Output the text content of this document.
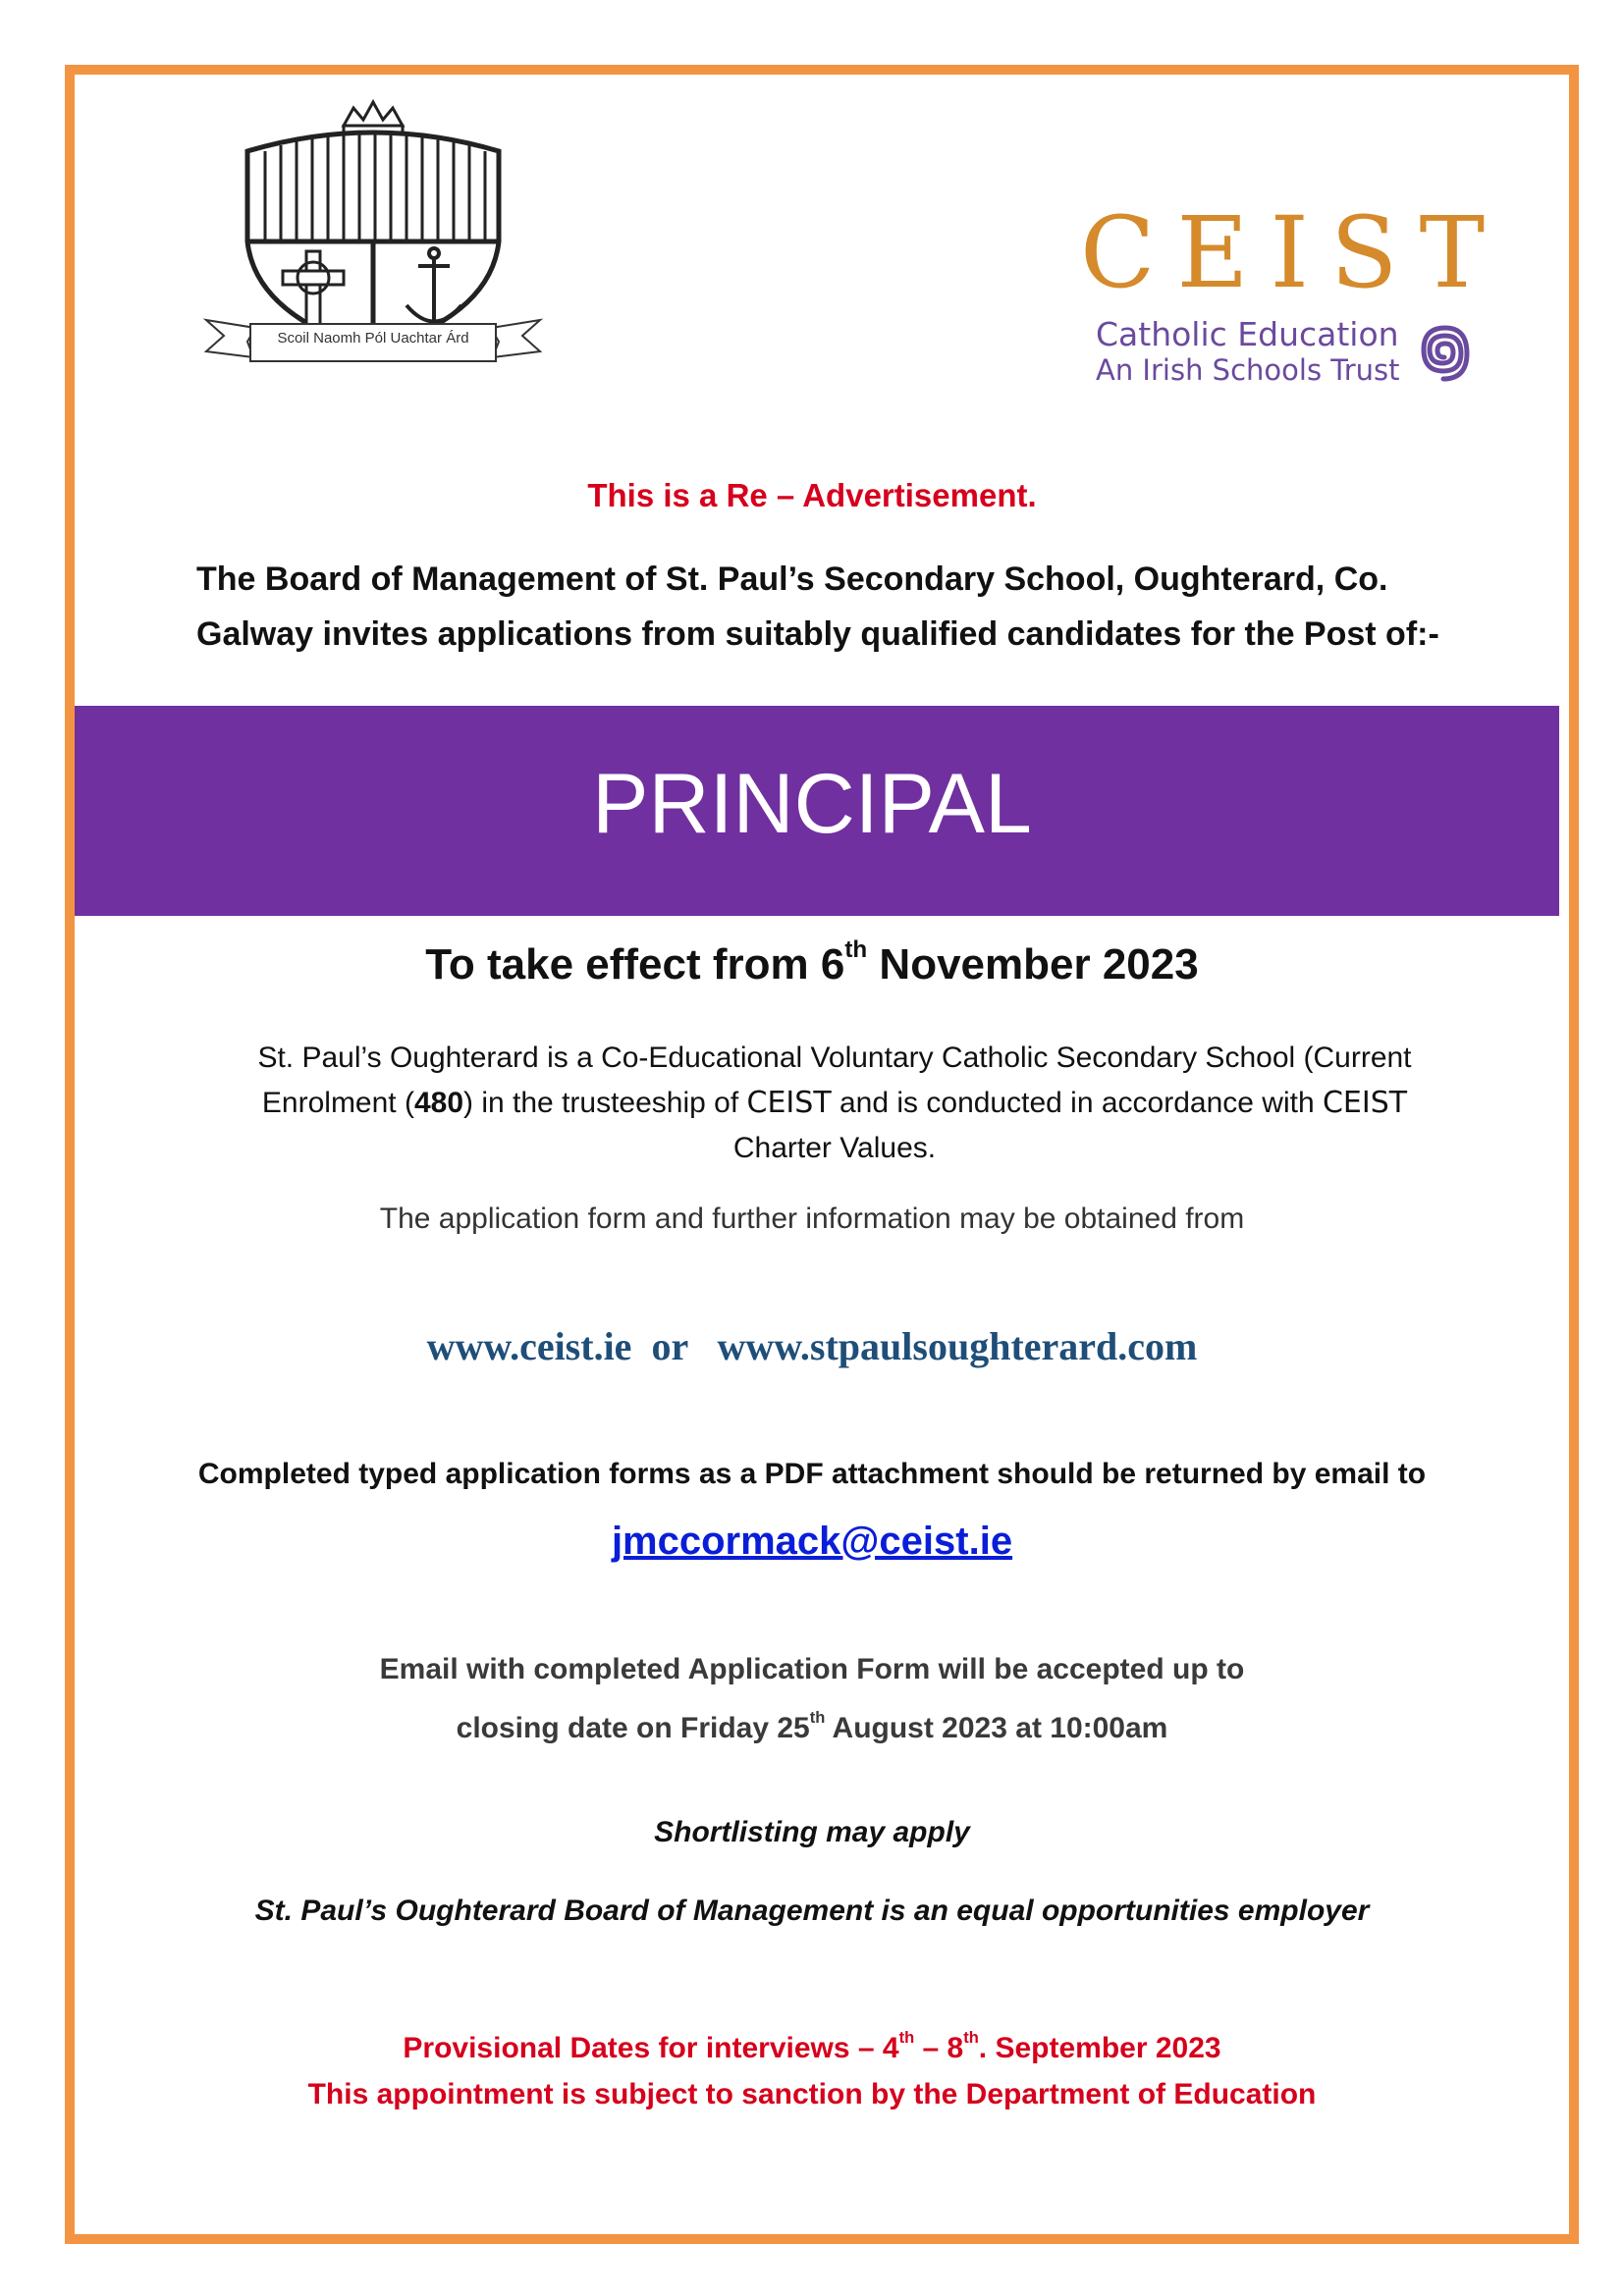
Scoil Naomh Pól Uachtar Árd
CEIST
Catholic Education
An Irish Schools Trust
This is a Re – Advertisement.
The Board of Management of St. Paul’s Secondary School, Oughterard, Co.
Galway invites applications from suitably qualified candidates for the Post of:-
PRINCIPAL
To take effect from 6th November 2023
St. Paul’s Oughterard is a Co-Educational Voluntary Catholic Secondary School (Current Enrolment (480) in the trusteeship of CEIST and is conducted in accordance with CEIST Charter Values.
The application form and further information may be obtained from
www.ceist.ie or www.stpaulsoughterard.com
Completed typed application forms as a PDF attachment should be returned by email to
jmccormack@ceist.ie
Email with completed Application Form will be accepted up to
closing date on Friday 25th August 2023 at 10:00am
Shortlisting may apply
St. Paul’s Oughterard Board of Management is an equal opportunities employer
Provisional Dates for interviews – 4th – 8th. September 2023
This appointment is subject to sanction by the Department of Education
